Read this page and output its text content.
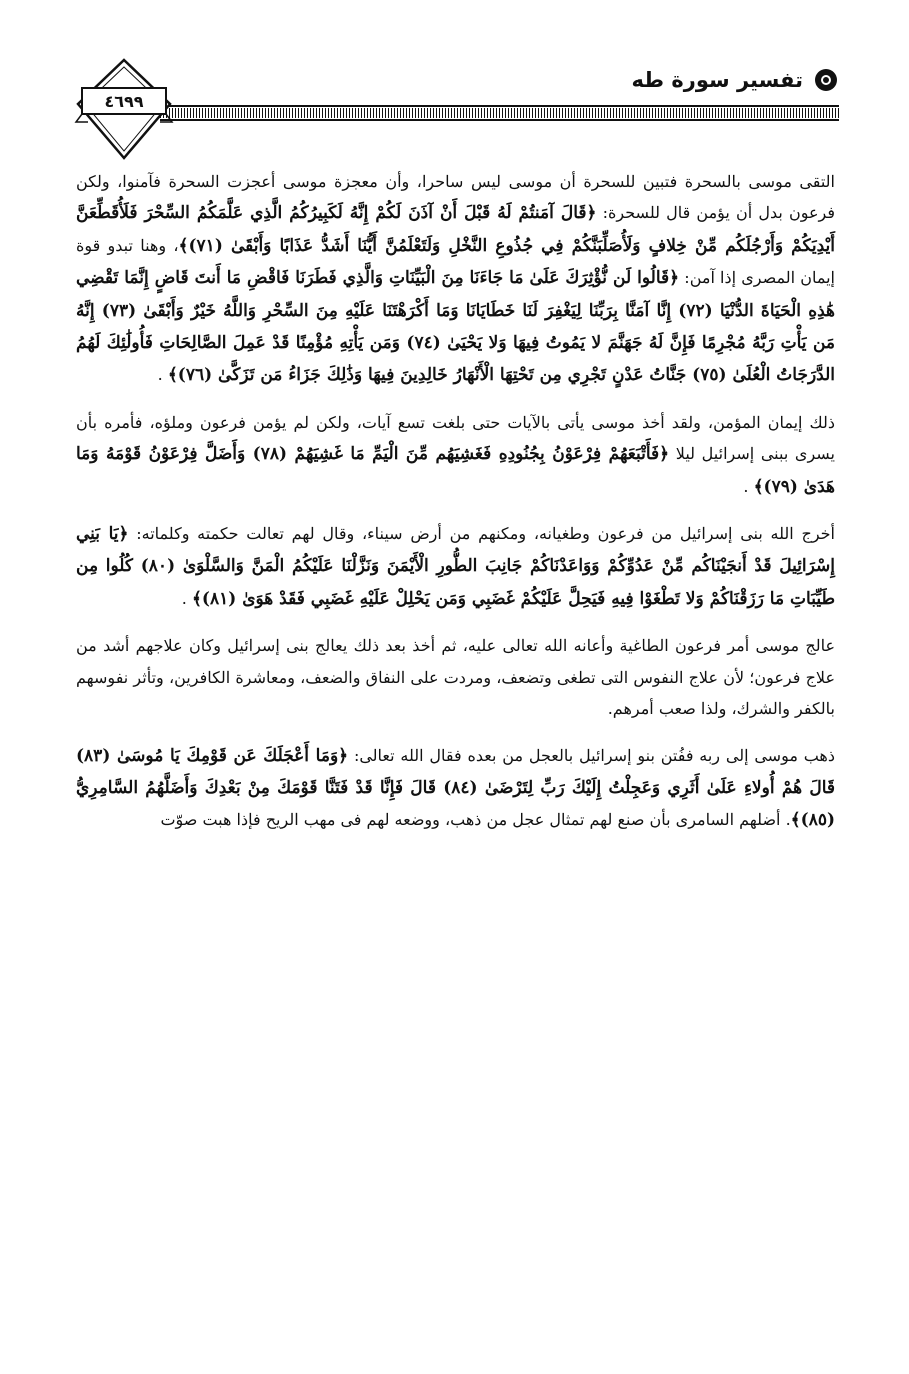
تفسير سورة طه
٤٦٩٩

التقى موسى بالسحرة فتبين للسحرة أن موسى ليس ساحرا، وأن معجزة موسى أعجزت السحرة فآمنوا، ولكن فرعون بدل أن يؤمن قال للسحرة: ﴿قَالَ آمَنتُمْ لَهُ قَبْلَ أَنْ آذَنَ لَكُمْ إِنَّهُ لَكَبِيرُكُمُ الَّذِي عَلَّمَكُمُ السِّحْرَ فَلَأُقَطِّعَنَّ أَيْدِيَكُمْ وَأَرْجُلَكُم مِّنْ خِلافٍ وَلَأُصَلِّبَنَّكُمْ فِي جُذُوعِ النَّخْلِ وَلَتَعْلَمُنَّ أَيُّنَا أَشَدُّ عَذَابًا وَأَبْقَىٰ (٧١)﴾، وهنا تبدو قوة إيمان المصرى إذا آمن: ﴿قَالُوا لَن نُّؤْثِرَكَ عَلَىٰ مَا جَاءَنَا مِنَ الْبَيِّنَاتِ وَالَّذِي فَطَرَنَا فَاقْضِ مَا أَنتَ قَاضٍ إِنَّمَا تَقْضِي هَٰذِهِ الْحَيَاةَ الدُّنْيَا (٧٢) إِنَّا آمَنَّا بِرَبِّنَا لِيَغْفِرَ لَنَا خَطَايَانَا وَمَا أَكْرَهْتَنَا عَلَيْهِ مِنَ السِّحْرِ وَاللَّهُ خَيْرٌ وَأَبْقَىٰ (٧٣) إِنَّهُ مَن يَأْتِ رَبَّهُ مُجْرِمًا فَإِنَّ لَهُ جَهَنَّمَ لا يَمُوتُ فِيهَا وَلا يَحْيَىٰ (٧٤) وَمَن يَأْتِهِ مُؤْمِنًا قَدْ عَمِلَ الصَّالِحَاتِ فَأُولَٰئِكَ لَهُمُ الدَّرَجَاتُ الْعُلَىٰ (٧٥) جَنَّاتُ عَدْنٍ تَجْرِي مِن تَحْتِهَا الْأَنْهَارُ خَالِدِينَ فِيهَا وَذَٰلِكَ جَزَاءُ مَن تَزَكَّىٰ (٧٦)﴾ .

ذلك إيمان المؤمن، ولقد أخذ موسى يأتى بالآيات حتى بلغت تسع آيات، ولكن لم يؤمن فرعون وملؤه، فأمره بأن يسرى ببنى إسرائيل ليلا ﴿فَأَتْبَعَهُمْ فِرْعَوْنُ بِجُنُودِهِ فَغَشِيَهُم مِّنَ الْيَمِّ مَا غَشِيَهُمْ (٧٨) وَأَضَلَّ فِرْعَوْنُ قَوْمَهُ وَمَا هَدَىٰ (٧٩)﴾ .

أخرج الله بنى إسرائيل من فرعون وطغيانه، ومكنهم من أرض سيناء، وقال لهم تعالت حكمته وكلماته: ﴿يَا بَنِي إِسْرَائِيلَ قَدْ أَنجَيْنَاكُم مِّنْ عَدُوِّكُمْ وَوَاعَدْنَاكُمْ جَانِبَ الطُّورِ الْأَيْمَنَ وَنَزَّلْنَا عَلَيْكُمُ الْمَنَّ وَالسَّلْوَىٰ (٨٠) كُلُوا مِن طَيِّبَاتِ مَا رَزَقْنَاكُمْ وَلا تَطْغَوْا فِيهِ فَيَحِلَّ عَلَيْكُمْ غَضَبِي وَمَن يَحْلِلْ عَلَيْهِ غَضَبِي فَقَدْ هَوَىٰ (٨١)﴾ .

عالج موسى أمر فرعون الطاغية وأعانه الله تعالى عليه، ثم أخذ بعد ذلك يعالج بنى إسرائيل وكان علاجهم أشد من علاج فرعون؛ لأن علاج النفوس التى تطغى وتضعف، ومردت على النفاق والضعف، ومعاشرة الكافرين، وتأثر نفوسهم بالكفر والشرك، ولذا صعب أمرهم.

ذهب موسى إلى ربه ففُتن بنو إسرائيل بالعجل من بعده فقال الله تعالى: ﴿وَمَا أَعْجَلَكَ عَن قَوْمِكَ يَا مُوسَىٰ (٨٣) قَالَ هُمْ أُولاءِ عَلَىٰ أَثَرِي وَعَجِلْتُ إِلَيْكَ رَبِّ لِتَرْضَىٰ (٨٤) قَالَ فَإِنَّا قَدْ فَتَنَّا قَوْمَكَ مِنْ بَعْدِكَ وَأَضَلَّهُمُ السَّامِرِيُّ (٨٥)﴾. أضلهم السامرى بأن صنع لهم تمثال عجل من ذهب، ووضعه لهم فى مهب الريح فإذا هبت صوّت
